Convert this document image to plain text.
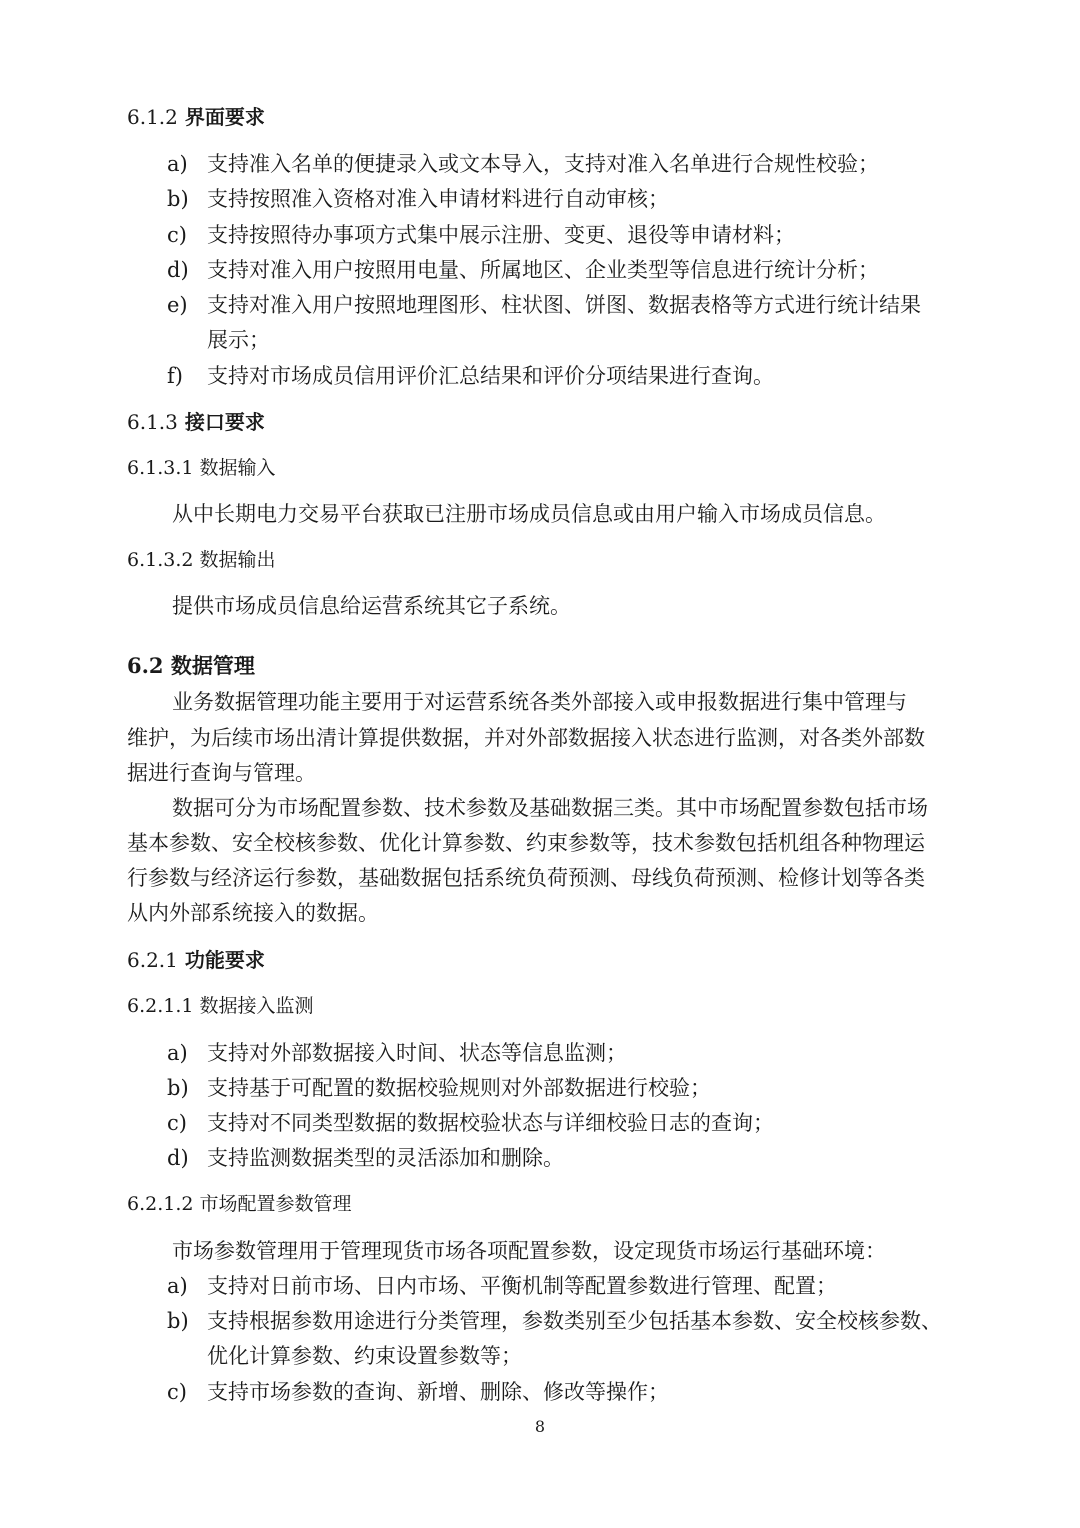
6.1.2 界面要求
a) 支持准入名单的便捷录入或文本导入，支持对准入名单进行合规性校验；
b) 支持按照准入资格对准入申请材料进行自动审核；
c) 支持按照待办事项方式集中展示注册、变更、退役等申请材料；
d) 支持对准入用户按照用电量、所属地区、企业类型等信息进行统计分析；
e) 支持对准入用户按照地理图形、柱状图、饼图、数据表格等方式进行统计结果
展示；
f) 支持对市场成员信用评价汇总结果和评价分项结果进行查询。
6.1.3 接口要求
6.1.3.1 数据输入
从中长期电力交易平台获取已注册市场成员信息或由用户输入市场成员信息。
6.1.3.2 数据输出
提供市场成员信息给运营系统其它子系统。
6.2 数据管理
业务数据管理功能主要用于对运营系统各类外部接入或申报数据进行集中管理与
维护，为后续市场出清计算提供数据，并对外部数据接入状态进行监测，对各类外部数
据进行查询与管理。
数据可分为市场配置参数、技术参数及基础数据三类。其中市场配置参数包括市场
基本参数、安全校核参数、优化计算参数、约束参数等，技术参数包括机组各种物理运
行参数与经济运行参数，基础数据包括系统负荷预测、母线负荷预测、检修计划等各类
从内外部系统接入的数据。
6.2.1 功能要求
6.2.1.1 数据接入监测
a) 支持对外部数据接入时间、状态等信息监测；
b) 支持基于可配置的数据校验规则对外部数据进行校验；
c) 支持对不同类型数据的数据校验状态与详细校验日志的查询；
d) 支持监测数据类型的灵活添加和删除。
6.2.1.2 市场配置参数管理
市场参数管理用于管理现货市场各项配置参数，设定现货市场运行基础环境：
a) 支持对日前市场、日内市场、平衡机制等配置参数进行管理、配置；
b) 支持根据参数用途进行分类管理，参数类别至少包括基本参数、安全校核参数、
优化计算参数、约束设置参数等；
c) 支持市场参数的查询、新增、删除、修改等操作；
8
